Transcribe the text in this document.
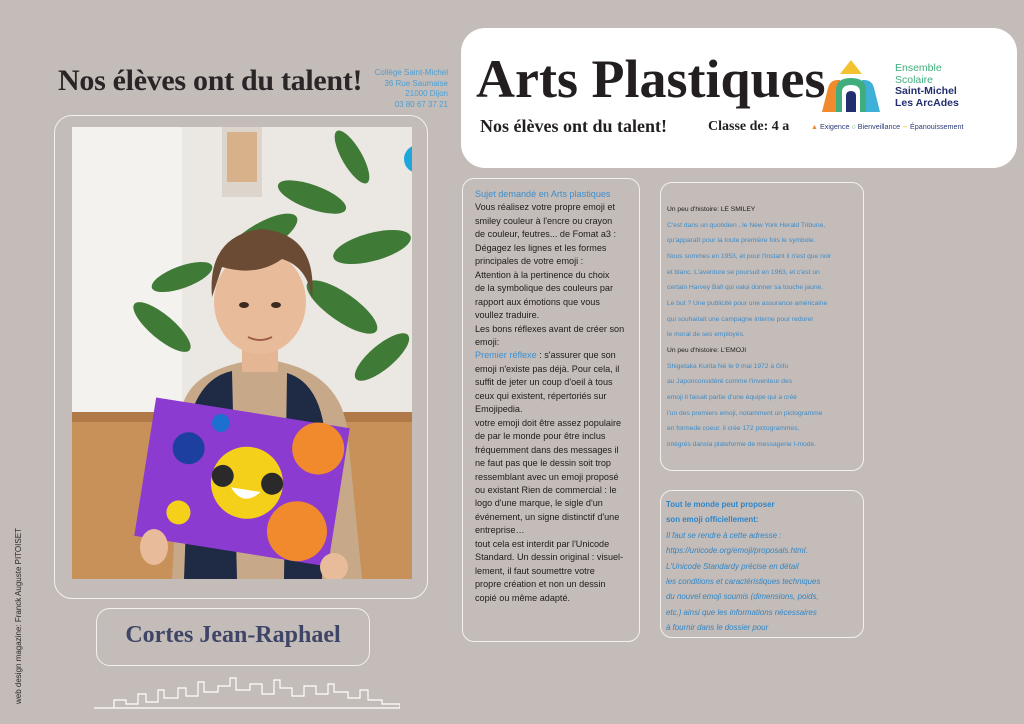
Nos élèves ont du talent!	Collège Saint-Michel
36 Rue Saumaise
21000 Dijon
03 80 67 37 21 Arts Plastiques
Nos élèves ont du talent!	Classe de: 4 a
Ensemble
Scolaire
Saint-Michel
Les ArcAdes
▲ Exigence ○ Bienveillance ∼ Épanouissement
Cortes Jean-Raphael
web design magazine: Franck Auguste PITOISET
Sujet demandé en Arts plastiques
Vous réalisez votre propre emoji et
smiley couleur à l'encre ou crayon
de couleur, feutres... de Fomat a3 :
Dégagez les lignes et les formes
principales de votre emoji :
Attention à la pertinence du choix
de la symbolique des couleurs par
rapport aux émotions que vous
voullez traduire.
Les bons réflexes avant de créer son
emoji:
Premier réflexe : s'assurer que son
emoji n'existe pas déjà. Pour cela, il
suffit de jeter un coup d'oeil à tous
ceux qui existent, répertoriés sur
Emojipedia.
votre emoji doit être assez populaire
de par le monde pour être inclus
fréquemment dans des messages il
ne faut pas que le dessin soit trop
ressemblant avec un emoji proposé
ou existant Rien de commercial : le
logo d'une marque, le sigle d'un
événement, un signe distinctif d'une
entreprise…
tout cela est interdit par l'Unicode
Standard. Un dessin original : visuel-
lement, il faut soumettre votre
propre création et non un dessin
copié ou même adapté.
Un peu d'histoire: LE SMILEY
C'est dans un quotidien , le New York Herald Tribune,
qu'apparaît pour la toute première fois le symbole.
Nous sommes en 1953, et pour l'instant il n'est que noir
et blanc. L'aventure se poursuit en 1963, et c'est un
certain Harvey Ball qui valui donner sa touche jaune.
Le but ? Une publicité pour une assurance américaine
qui souhaitait une campagne interne pour redorer
le moral de ses employés.
Un peu d'histoire: L'EMOJI
Shigetaka Kurita Né le 9 mai 1972 à Gifu
au Japonconsidéré comme l'inventeur des
emoji il faisait partie d'une équipe qui a créé
l'un des premiers emoji, notamment un pictogramme
en formede coeur. il crée 172 pictogrammes,
intégrés dansla plateforme de messagerie I-mode.
Tout le monde peut proposer
son emoji officiellement:
Il faut se rendre à cette adresse :
https://unicode.org/emoji/proposals.html.
L'Unicode Standardy précise en détail
les conditions et caractéristiques techniques
du nouvel emoji soumis (dimensions, poids,
etc.) ainsi que les informations nécessaires
à fournir dans le dossier pour
